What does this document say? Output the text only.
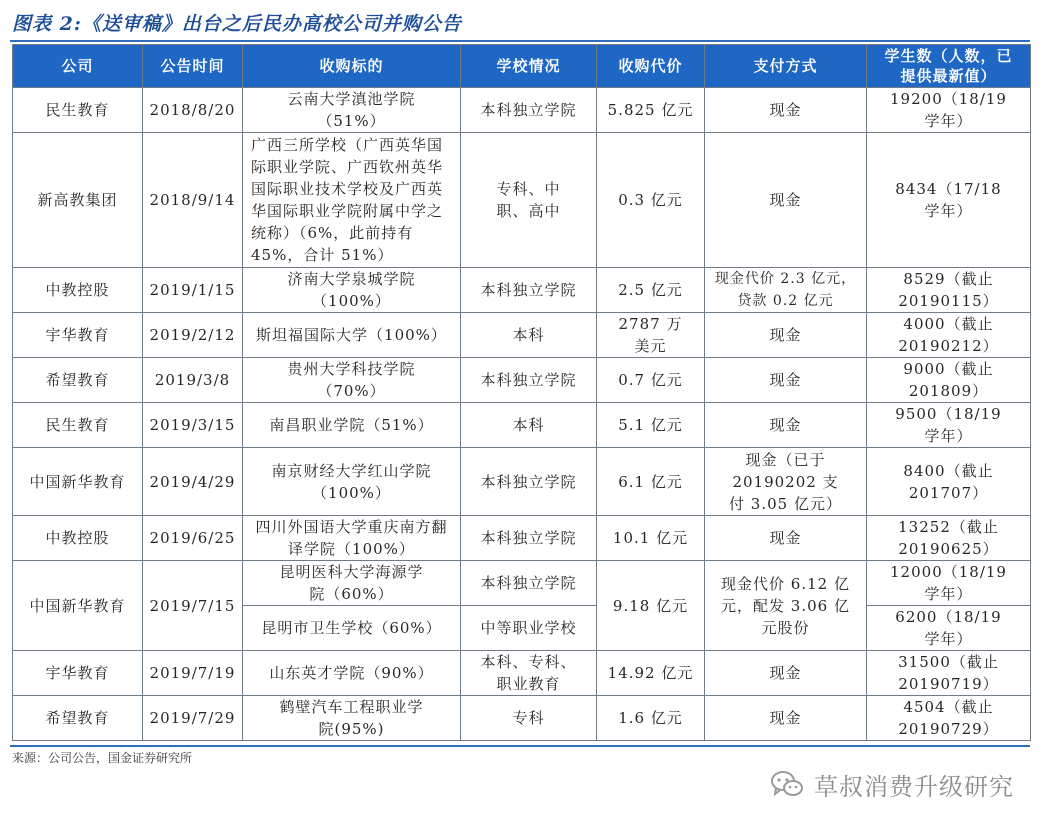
图表 2:《送审稿》出台之后民办高校公司并购公告
公司	公告时间	收购标的	学校情况	收购代价	支付方式	学生数（人数，已提供最新值）
民生教育	2018/8/20	云南大学滇池学院（51%）	本科独立学院	5.825 亿元	现金	19200（18/19 学年）
新高教集团	2018/9/14	广西三所学校（广西英华国际职业学院、广西钦州英华国际职业技术学校及广西英华国际职业学院附属中学之统称）（6%，此前持有 45%，合计 51%）	专科、中职、高中	0.3 亿元	现金	8434（17/18 学年）
中教控股	2019/1/15	济南大学泉城学院（100%）	本科独立学院	2.5 亿元	现金代价 2.3 亿元，贷款 0.2 亿元	8529（截止 20190115）
宇华教育	2019/2/12	斯坦福国际大学（100%）	本科	2787 万美元	现金	4000（截止 20190212）
希望教育	2019/3/8	贵州大学科技学院（70%）	本科独立学院	0.7 亿元	现金	9000（截止 201809）
民生教育	2019/3/15	南昌职业学院（51%）	本科	5.1 亿元	现金	9500（18/19 学年）
中国新华教育	2019/4/29	南京财经大学红山学院（100%）	本科独立学院	6.1 亿元	现金（已于 20190202 支付 3.05 亿元）	8400（截止 201707）
中教控股	2019/6/25	四川外国语大学重庆南方翻译学院（100%）	本科独立学院	10.1 亿元	现金	13252（截止 20190625）
中国新华教育	2019/7/15	昆明医科大学海源学院（60%）	本科独立学院	9.18 亿元	现金代价 6.12 亿元，配发 3.06 亿元股份	12000（18/19 学年）
		昆明市卫生学校（60%）	中等职业学校			6200（18/19 学年）
宇华教育	2019/7/19	山东英才学院（90%）	本科、专科、职业教育	14.92 亿元	现金	31500（截止 20190719）
希望教育	2019/7/29	鹤壁汽车工程职业学院(95%)	专科	1.6 亿元	现金	4504（截止 20190729）
来源：公司公告，国金证券研究所
草叔消费升级研究
